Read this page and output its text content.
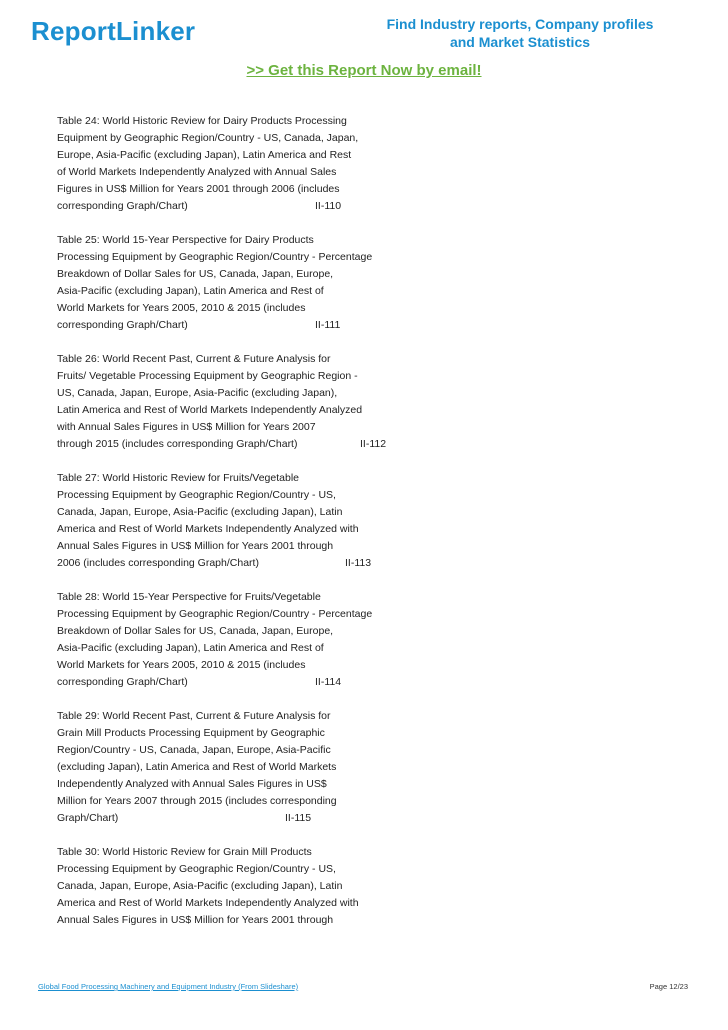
ReportLinker	Find Industry reports, Company profiles
and Market Statistics
>> Get this Report Now by email!
Table 24: World Historic Review for Dairy Products Processing
Equipment by Geographic Region/Country - US, Canada, Japan,
Europe, Asia-Pacific (excluding Japan), Latin America and Rest
of World Markets Independently Analyzed with Annual Sales
Figures in US$ Million for Years 2001 through 2006 (includes
corresponding Graph/Chart)	II-110
Table 25: World 15-Year Perspective for Dairy Products
Processing Equipment by Geographic Region/Country - Percentage
Breakdown of Dollar Sales for US, Canada, Japan, Europe,
Asia-Pacific (excluding Japan), Latin America and Rest of
World Markets for Years 2005, 2010 & 2015 (includes
corresponding Graph/Chart)	II-111
Table 26: World Recent Past, Current & Future Analysis for
Fruits/ Vegetable Processing Equipment by Geographic Region -
US, Canada, Japan, Europe, Asia-Pacific (excluding Japan),
Latin America and Rest of World Markets Independently Analyzed
with Annual Sales Figures in US$ Million for Years 2007
through 2015 (includes corresponding Graph/Chart)	II-112
Table 27: World Historic Review for Fruits/Vegetable
Processing Equipment by Geographic Region/Country - US,
Canada, Japan, Europe, Asia-Pacific (excluding Japan), Latin
America and Rest of World Markets Independently Analyzed with
Annual Sales Figures in US$ Million for Years 2001 through
2006 (includes corresponding Graph/Chart)	II-113
Table 28: World 15-Year Perspective for Fruits/Vegetable
Processing Equipment by Geographic Region/Country - Percentage
Breakdown of Dollar Sales for US, Canada, Japan, Europe,
Asia-Pacific (excluding Japan), Latin America and Rest of
World Markets for Years 2005, 2010 & 2015 (includes
corresponding Graph/Chart)	II-114
Table 29: World Recent Past, Current & Future Analysis for
Grain Mill Products Processing Equipment by Geographic
Region/Country - US, Canada, Japan, Europe, Asia-Pacific
(excluding Japan), Latin America and Rest of World Markets
Independently Analyzed with Annual Sales Figures in US$
Million for Years 2007 through 2015 (includes corresponding
Graph/Chart)	II-115
Table 30: World Historic Review for Grain Mill Products
Processing Equipment by Geographic Region/Country - US,
Canada, Japan, Europe, Asia-Pacific (excluding Japan), Latin
America and Rest of World Markets Independently Analyzed with
Annual Sales Figures in US$ Million for Years 2001 through
Global Food Processing Machinery and Equipment Industry (From Slideshare)	Page 12/23
